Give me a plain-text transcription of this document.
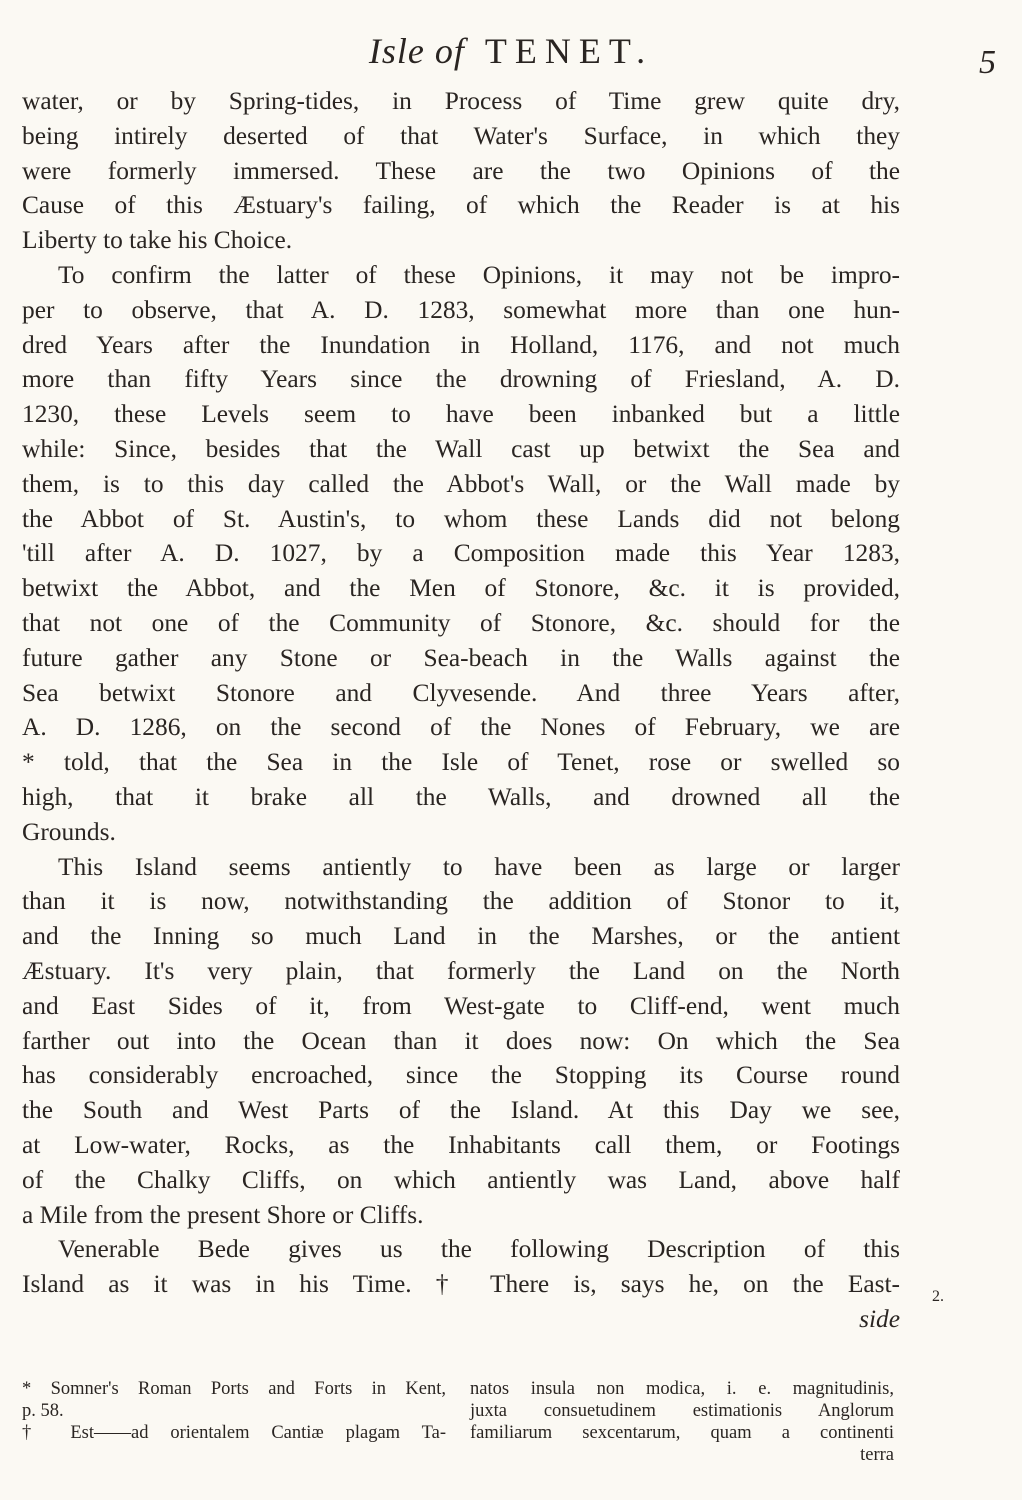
Isle of TENET.	5
water, or by Spring-tides, in Process of Time grew quite dry,
being intirely deserted of that Water's Surface, in which they
were formerly immersed. These are the two Opinions of the
Cause of this Æstuary's failing, of which the Reader is at his
Liberty to take his Choice.
To confirm the latter of these Opinions, it may not be impro-
per to observe, that A. D. 1283, somewhat more than one hun-
dred Years after the Inundation in Holland, 1176, and not much
more than fifty Years since the drowning of Friesland, A. D.
1230, these Levels seem to have been inbanked but a little
while: Since, besides that the Wall cast up betwixt the Sea and
them, is to this day called the Abbot's Wall, or the Wall made by
the Abbot of St. Austin's, to whom these Lands did not belong
'till after A. D. 1027, by a Composition made this Year 1283,
betwixt the Abbot, and the Men of Stonore, &c. it is provided,
that not one of the Community of Stonore, &c. should for the
future gather any Stone or Sea-beach in the Walls against the
Sea betwixt Stonore and Clyvesende. And three Years after,
A. D. 1286, on the second of the Nones of February, we are
* told, that the Sea in the Isle of Tenet, rose or swelled so
high, that it brake all the Walls, and drowned all the
Grounds.
This Island seems antiently to have been as large or larger
than it is now, notwithstanding the addition of Stonor to it,
and the Inning so much Land in the Marshes, or the antient
Æstuary. It's very plain, that formerly the Land on the North
and East Sides of it, from West-gate to Cliff-end, went much
farther out into the Ocean than it does now: On which the Sea
has considerably encroached, since the Stopping its Course round
the South and West Parts of the Island. At this Day we see,
at Low-water, Rocks, as the Inhabitants call them, or Footings
of the Chalky Cliffs, on which antiently was Land, above half
a Mile from the present Shore or Cliffs.
Venerable Bede gives us the following Description of this
Island as it was in his Time. † There is, says he, on the East-
side
2.
* Somner's Roman Ports and Forts in Kent,
p. 58.
† Est——ad orientalem Cantiæ plagam Ta-
natos insula non modica, i. e. magnitudinis,
juxta consuetudinem estimationis Anglorum
familiarum sexcentarum, quam a continenti
terra
